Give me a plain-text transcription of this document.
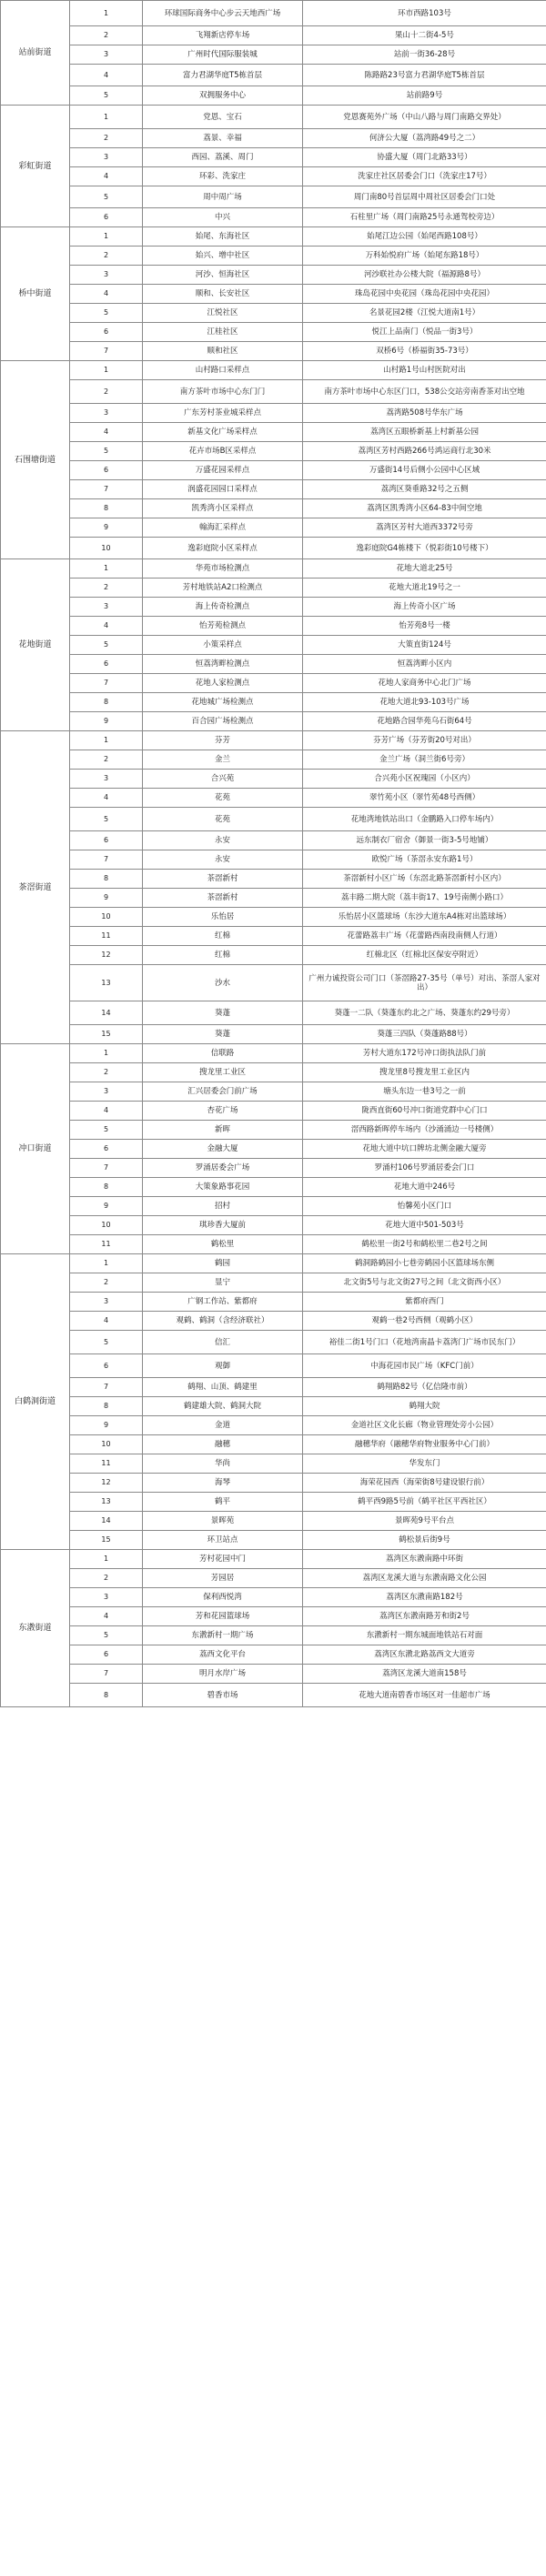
站前街道	1	环球国际商务中心步云天地西广场	环市西路103号
	2	飞翔新店停车场	果山十二街4-5号
	3	广州时代国际服装城	站前一街36-28号
	4	富力君湖华庭T5栋首层	陈路路23号富力君湖华庭T5栋首层
	5	双拥服务中心	站前路9号
彩虹街道	1	党恩、宝石	党恩赛苑外广场（中山八路与周门南路交界处）
	2	荔景、幸福	何济公大厦（荔湾路49号之二）
	3	西园、荔溪、周门	协盛大厦（周门北路33号）
	4	环彩、洗家庄	洗家庄社区居委会门口（洗家庄17号）
	5	周中周广场	周门南80号首层周中周社区居委会门口处
	6	中兴	石柱里广场（周门南路25号永通驾校旁边）
桥中街道	1	始尾、东海社区	始尾江边公园（始尾西路108号）
	2	始兴、增中社区	万科始悦府广场（始尾东路18号）
	3	河沙、恒海社区	河沙联社办公楼大院（福源路8号）
	4	顺和、长安社区	珠岛花园中央花园（珠岛花园中央花园）
	5	江悦社区	名景花园2楼（江悦大道南1号）
	6	江桂社区	悦江上品南门（悦品一街3号）
	7	顺和社区	双桥6号（桥福街35-73号）
石围塘街道	1	山村路口采样点	山村路1号山村医院对出
	2	南方茶叶市场中心东门门	南方茶叶市场中心东区门口，538公交站旁南香茶对出空地
	3	广东芳村茶业城采样点	荔湾路508号华东广场
	4	新基文化广场采样点	荔湾区五眼桥新基上村新基公园
	5	花卉市场B区采样点	荔湾区芳村西路266号鸿运商行北30米
	6	万盛花园采样点	万盛街14号后侧小公园中心区域
	7	润盛花园园口采样点	荔湾区葵垂路32号之五侧
	8	凯秀湾小区采样点	荔湾区凯秀湾小区64-83中间空地
	9	翰海汇采样点	荔湾区芳村大道西3372号旁
	10	逸彩庭院小区采样点	逸彩庭院G4栋楼下（悦彩街10号楼下）
花地街道	1	华苑市场检测点	花地大道北25号
	2	芳村地铁站A2口检测点	花地大道北19号之一
	3	海上传奇检测点	海上传奇小区广场
	4	怡芳苑检测点	怡芳苑8号一楼
	5	小策采样点	大策直街124号
	6	恒荔湾畔检测点	恒荔湾畔小区内
	7	花地人家检测点	花地人家商务中心北门广场
	8	花地城广场检测点	花地大道北93-103号广场
	9	百合园广场检测点	花地路合园华苑乌石街64号
茶滘街道	1	芬芳	芬芳广场（芬芳街20号对出）
	2	金兰	金兰广场（洞兰街6号旁）
	3	合兴苑	合兴苑小区祝瑰园（小区内）
	4	花苑	翠竹苑小区（翠竹苑48号西侧）
	5	花苑	花地湾地铁站出口（金鹏路入口停车场内）
	6	永安	远东制衣厂宿舍（御景一街3-5号地铺）
	7	永安	欧悦广场（茶滘永安东路1号）
	8	茶滘新村	茶滘新村小区广场（东滘北路茶滘新村小区内）
	9	茶滘新村	荔丰路二期大院（荔丰街17、19号南侧小路口）
	10	乐怡居	乐怡居小区篮球场（东沙大道东A4栋对出篮球场）
	11	红棉	花蕾路荔丰广场（花蕾路西南段南侧人行道）
	12	红棉	红棉北区（红棉北区保安亭附近）
	13	沙水	广州力诚投资公司门口（茶滘路27-35号（单号）对出、茶滘人家对出）
	14	葵蓬	葵蓬一二队（葵蓬东约北之广场、葵蓬东约29号旁）
	15	葵蓬	葵蓬三四队（葵蓬路88号）
冲口街道	1	信联路	芳村大道东172号冲口街执法队门前
	2	搜龙里工业区	搜龙里8号搜龙里工业区内
	3	汇兴居委会门前广场	塘头东边一巷3号之一前
	4	杏花广场	陇西直街60号冲口街道党群中心门口
	5	新晖	滘西路新晖停车场内（沙涌涌边一号楼侧）
	6	金融大厦	花地大道中坑口牌坊北侧金融大厦旁
	7	罗涌居委会广场	罗涌村106号罗涌居委会门口
	8	大策象路事花园	花地大道中246号
	9	招村	怡馨苑小区门口
	10	琪珍香大厦前	花地大道中501-503号
	11	鹤松里	鹤松里一街2号和鹤松里二巷2号之间
白鹤洞街道	1	鹤园	鹤洞路鹤园小七巷旁鹤园小区篮球场东侧
	2	显宁	北文街5号与北文街27号之间（北文街西小区）
	3	广钢工作站、紫都府	紫都府西门
	4	观鹤、鹤洞（含经济联社）	观鹤一巷2号西侧（观鹤小区）
	5	信汇	裕佳二街1号门口（花地湾南晶卡荔湾门广场市民东门）
	6	观御	中海花园市民广场（KFC门前）
	7	鹤翔、山顶、鹤建里	鹤翔路82号（亿信隆市前）
	8	鹤建雄大院、鹤洞大院	鹤翔大院
	9	金道	金道社区文化长廊（物业管理处旁小公园）
	10	融穗	融穗华府（融穗华府物业服务中心门前）
	11	华尚	华发东门
	12	海琴	海荣花园西（海荣街8号建设银行前）
	13	鹤平	鹤平西9路5号前（鹤平社区平西社区）
	14	景晖苑	景晖苑9号平台点
	15	环卫站点	鹤松景后街9号
东漖街道	1	芳村花园中门	荔湾区东漖南路中环街
	2	芳园居	荔湾区龙溪大道与东漖南路文化公园
	3	保利西悦湾	荔湾区东漖南路182号
	4	芳和花园篮球场	荔湾区东漖南路芳和街2号
	5	东漖新村一期广场	东漖新村一期东城面地铁站石对面
	6	荔西文化平台	荔湾区东漖北路荔西文大道旁
	7	明月水岸广场	荔湾区龙溪大道南158号
	8	碧香市场	花地大道南碧香市场区对一佳超市广场
